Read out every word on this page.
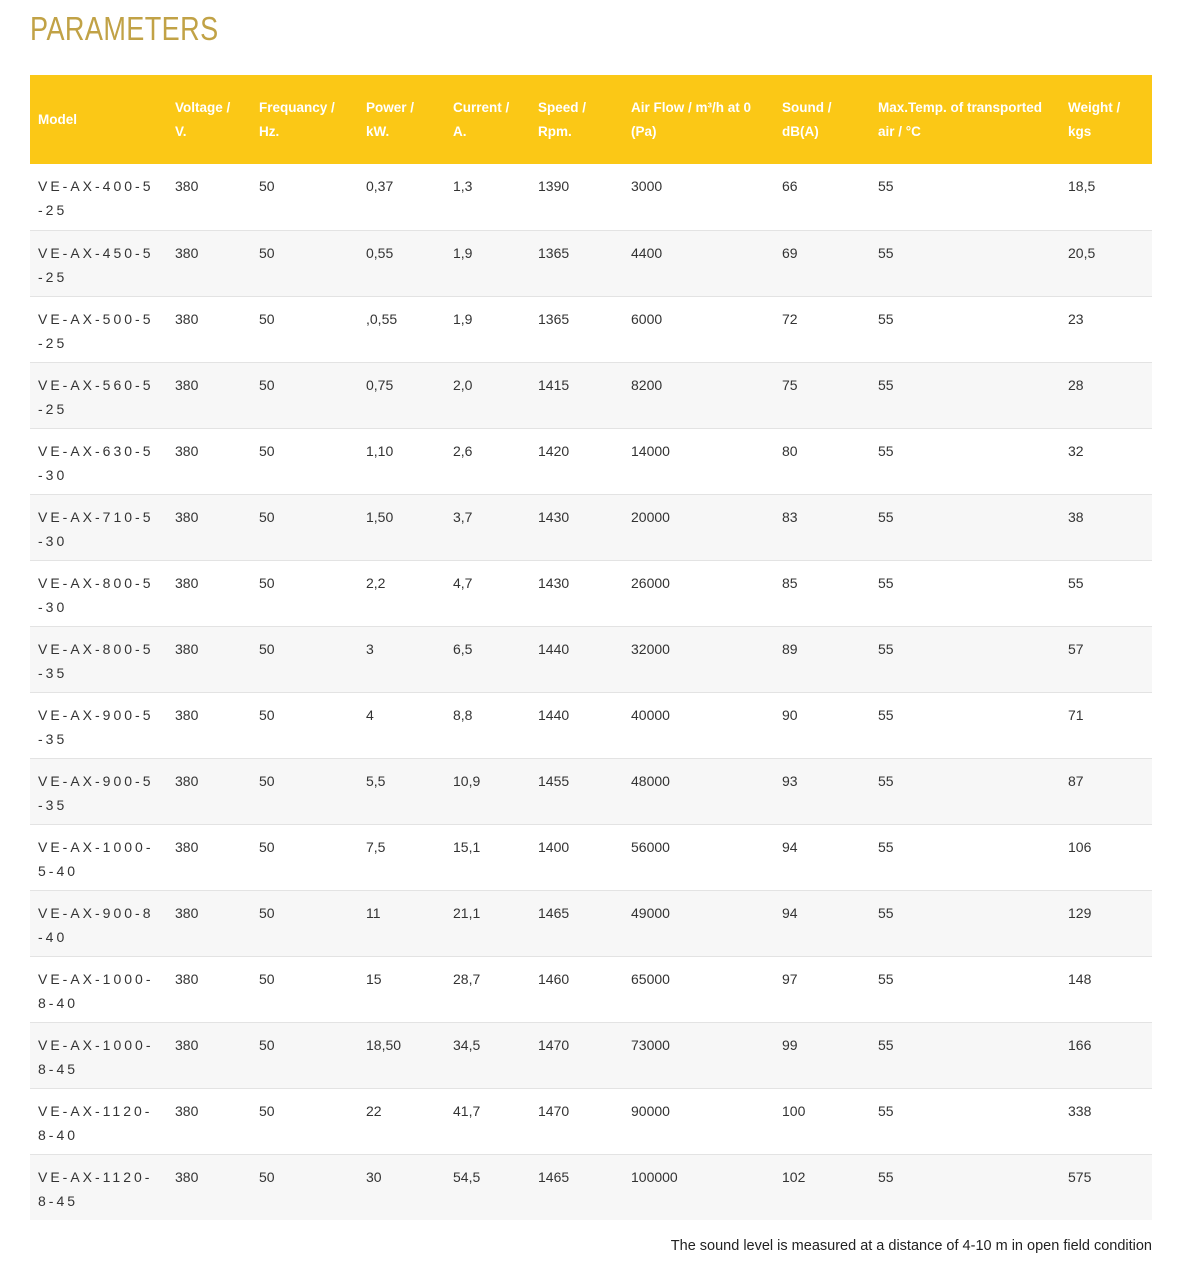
PARAMETERS
Model	Voltage / V.	Frequancy / Hz.	Power / kW.	Current / A.	Speed / Rpm.	Air Flow / m³/h at 0 (Pa)	Sound / dB(A)	Max.Temp. of transported air / °C	Weight / kgs
VE-AX-400-5-25	380	50	0,37	1,3	1390	3000	66	55	18,5
VE-AX-450-5-25	380	50	0,55	1,9	1365	4400	69	55	20,5
VE-AX-500-5-25	380	50	,0,55	1,9	1365	6000	72	55	23
VE-AX-560-5-25	380	50	0,75	2,0	1415	8200	75	55	28
VE-AX-630-5-30	380	50	1,10	2,6	1420	14000	80	55	32
VE-AX-710-5-30	380	50	1,50	3,7	1430	20000	83	55	38
VE-AX-800-5-30	380	50	2,2	4,7	1430	26000	85	55	55
VE-AX-800-5-35	380	50	3	6,5	1440	32000	89	55	57
VE-AX-900-5-35	380	50	4	8,8	1440	40000	90	55	71
VE-AX-900-5-35	380	50	5,5	10,9	1455	48000	93	55	87
VE-AX-1000-5-40	380	50	7,5	15,1	1400	56000	94	55	106
VE-AX-900-8-40	380	50	11	21,1	1465	49000	94	55	129
VE-AX-1000-8-40	380	50	15	28,7	1460	65000	97	55	148
VE-AX-1000-8-45	380	50	18,50	34,5	1470	73000	99	55	166
VE-AX-1120-8-40	380	50	22	41,7	1470	90000	100	55	338
VE-AX-1120-8-45	380	50	30	54,5	1465	100000	102	55	575

The sound level is measured at a distance of 4-10 m in open field condition
